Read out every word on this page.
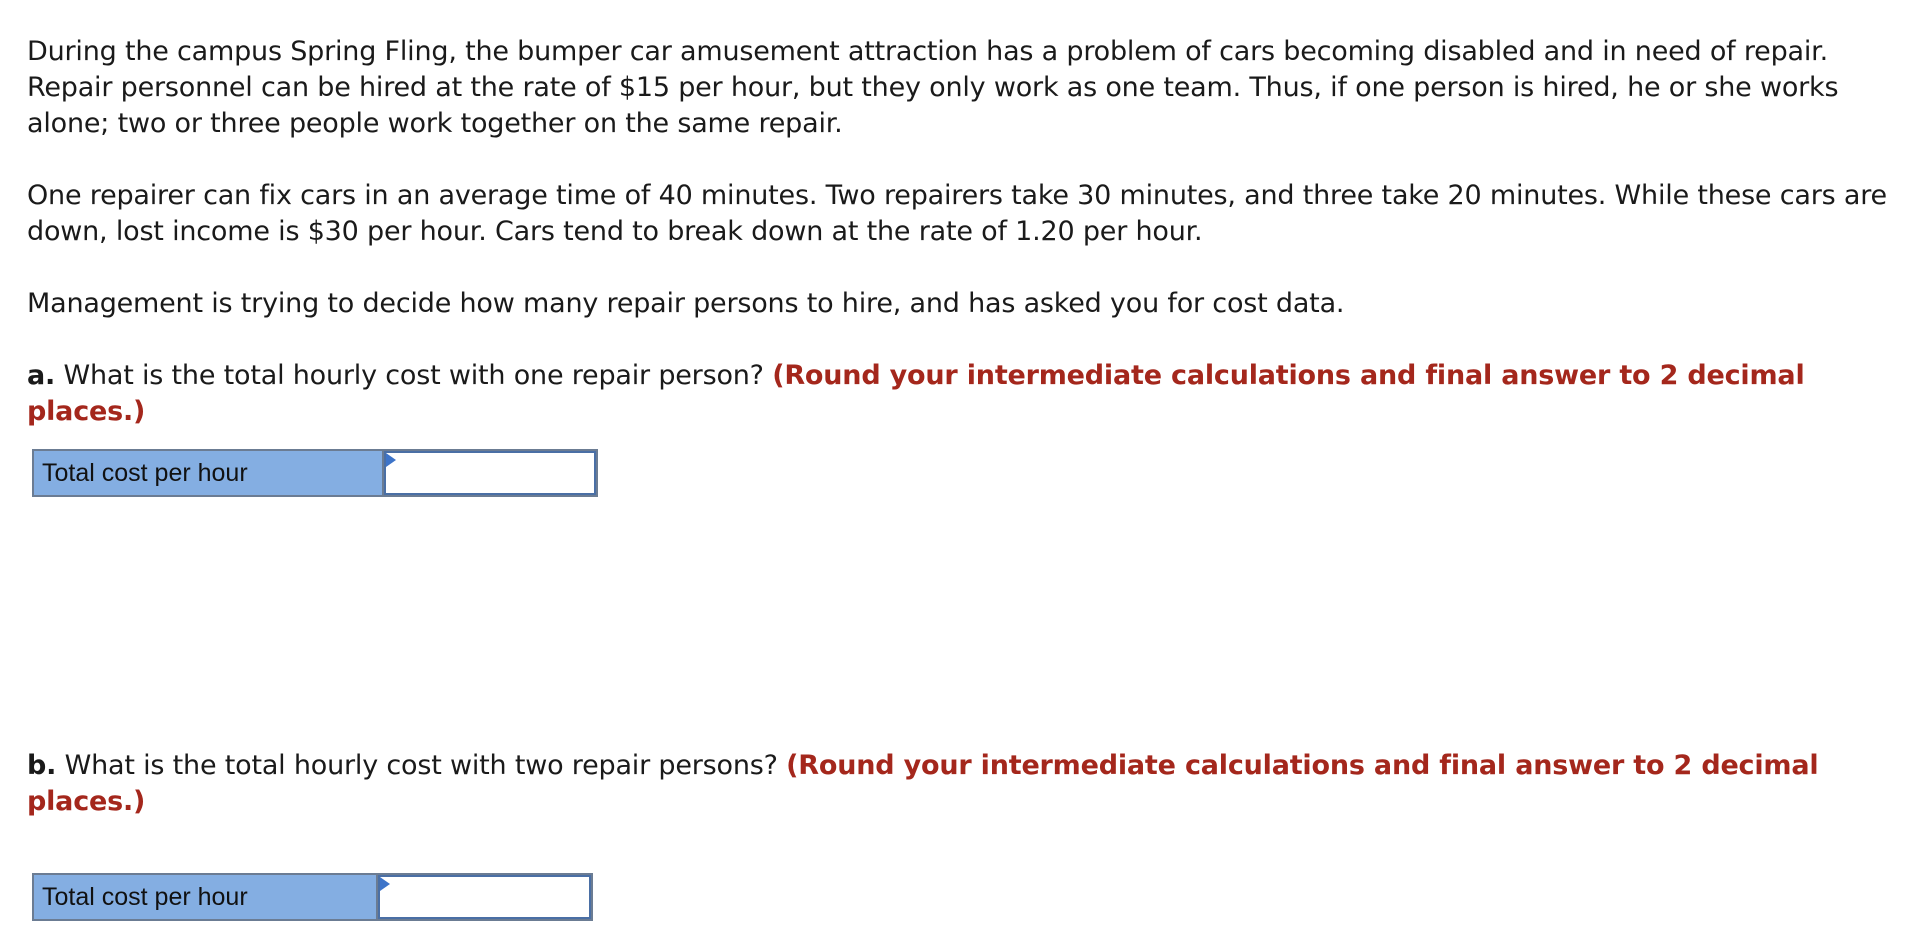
During the campus Spring Fling, the bumper car amusement attraction has a problem of cars becoming disabled and in need of repair. Repair personnel can be hired at the rate of $15 per hour, but they only work as one team. Thus, if one person is hired, he or she works alone; two or three people work together on the same repair.

One repairer can fix cars in an average time of 40 minutes. Two repairers take 30 minutes, and three take 20 minutes. While these cars are down, lost income is $30 per hour. Cars tend to break down at the rate of 1.20 per hour.

Management is trying to decide how many repair persons to hire, and has asked you for cost data.

a. What is the total hourly cost with one repair person? (Round your intermediate calculations and final answer to 2 decimal places.)

Total cost per hour

b. What is the total hourly cost with two repair persons? (Round your intermediate calculations and final answer to 2 decimal places.)

Total cost per hour
